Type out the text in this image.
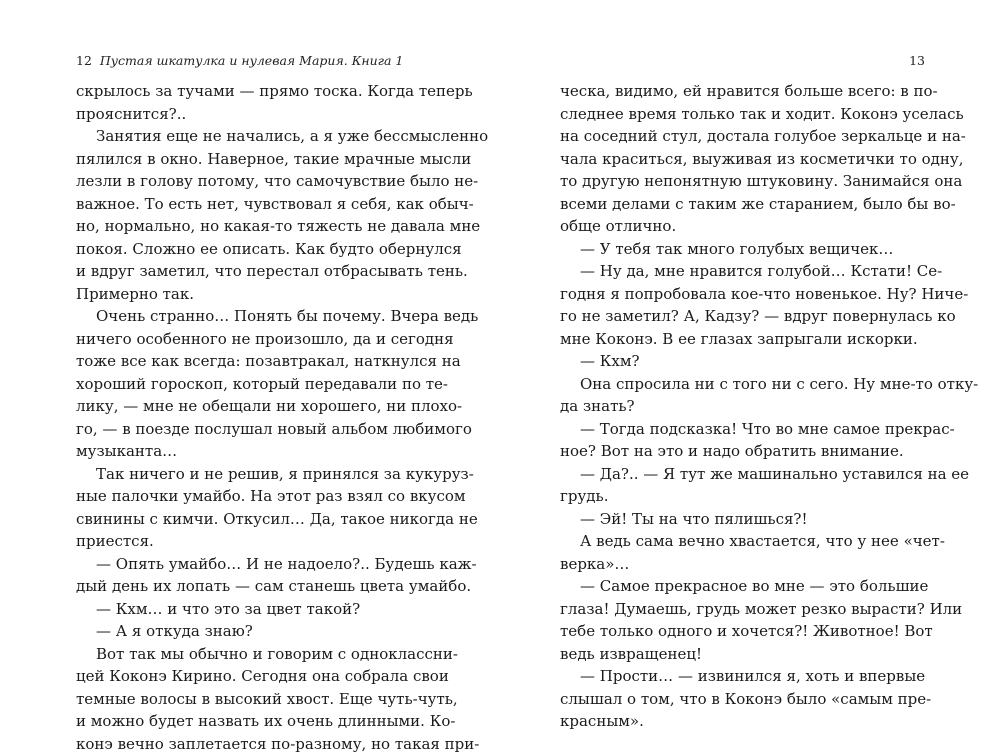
12 Пустая шкатулка и нулевая Мария. Книга 1
скрылось за тучами — прямо тоска. Когда теперь
прояснится?..
Занятия еще не начались, а я уже бессмысленно
пялился в окно. Наверное, такие мрачные мысли
лезли в голову потому, что самочувствие было не-
важное. То есть нет, чувствовал я себя, как обыч-
но, нормально, но какая-то тяжесть не давала мне
покоя. Сложно ее описать. Как будто обернулся
и вдруг заметил, что перестал отбрасывать тень.
Примерно так.
Очень странно… Понять бы почему. Вчера ведь
ничего особенного не произошло, да и сегодня
тоже все как всегда: позавтракал, наткнулся на
хороший гороскоп, который передавали по те-
лику, — мне не обещали ни хорошего, ни плохо-
го, — в поезде послушал новый альбом любимого
музыканта…
Так ничего и не решив, я принялся за кукуруз-
ные палочки умайбо. На этот раз взял со вкусом
свинины с кимчи. Откусил… Да, такое никогда не
приестся.
— Опять умайбо… И не надоело?.. Будешь каж-
дый день их лопать — сам станешь цвета умайбо.
— Кхм… и что это за цвет такой?
— А я откуда знаю?
Вот так мы обычно и говорим с одноклассни-
цей Коконэ Кирино. Сегодня она собрала свои
темные волосы в высокий хвост. Еще чуть-чуть,
и можно будет назвать их очень длинными. Ко-
конэ вечно заплетается по-разному, но такая при-
13
ческа, видимо, ей нравится больше всего: в по-
следнее время только так и ходит. Коконэ уселась
на соседний стул, достала голубое зеркальце и на-
чала краситься, выуживая из косметички то одну,
то другую непонятную штуковину. Занимайся она
всеми делами с таким же старанием, было бы во-
обще отлично.
— У тебя так много голубых вещичек…
— Ну да, мне нравится голубой… Кстати! Се-
годня я попробовала кое-что новенькое. Ну? Ниче-
го не заметил? А, Кадзу? — вдруг повернулась ко
мне Коконэ. В ее глазах запрыгали искорки.
— Кхм?
Она спросила ни с того ни с сего. Ну мне-то отку-
да знать?
— Тогда подсказка! Что во мне самое прекрас-
ное? Вот на это и надо обратить внимание.
— Да?.. — Я тут же машинально уставился на ее
грудь.
— Эй! Ты на что пялишься?!
А ведь сама вечно хвастается, что у нее «чет-
верка»…
— Самое прекрасное во мне — это большие
глаза! Думаешь, грудь может резко вырасти? Или
тебе только одного и хочется?! Животное! Вот
ведь извращенец!
— Прости… — извинился я, хоть и впервые
слышал о том, что в Коконэ было «самым пре-
красным».
